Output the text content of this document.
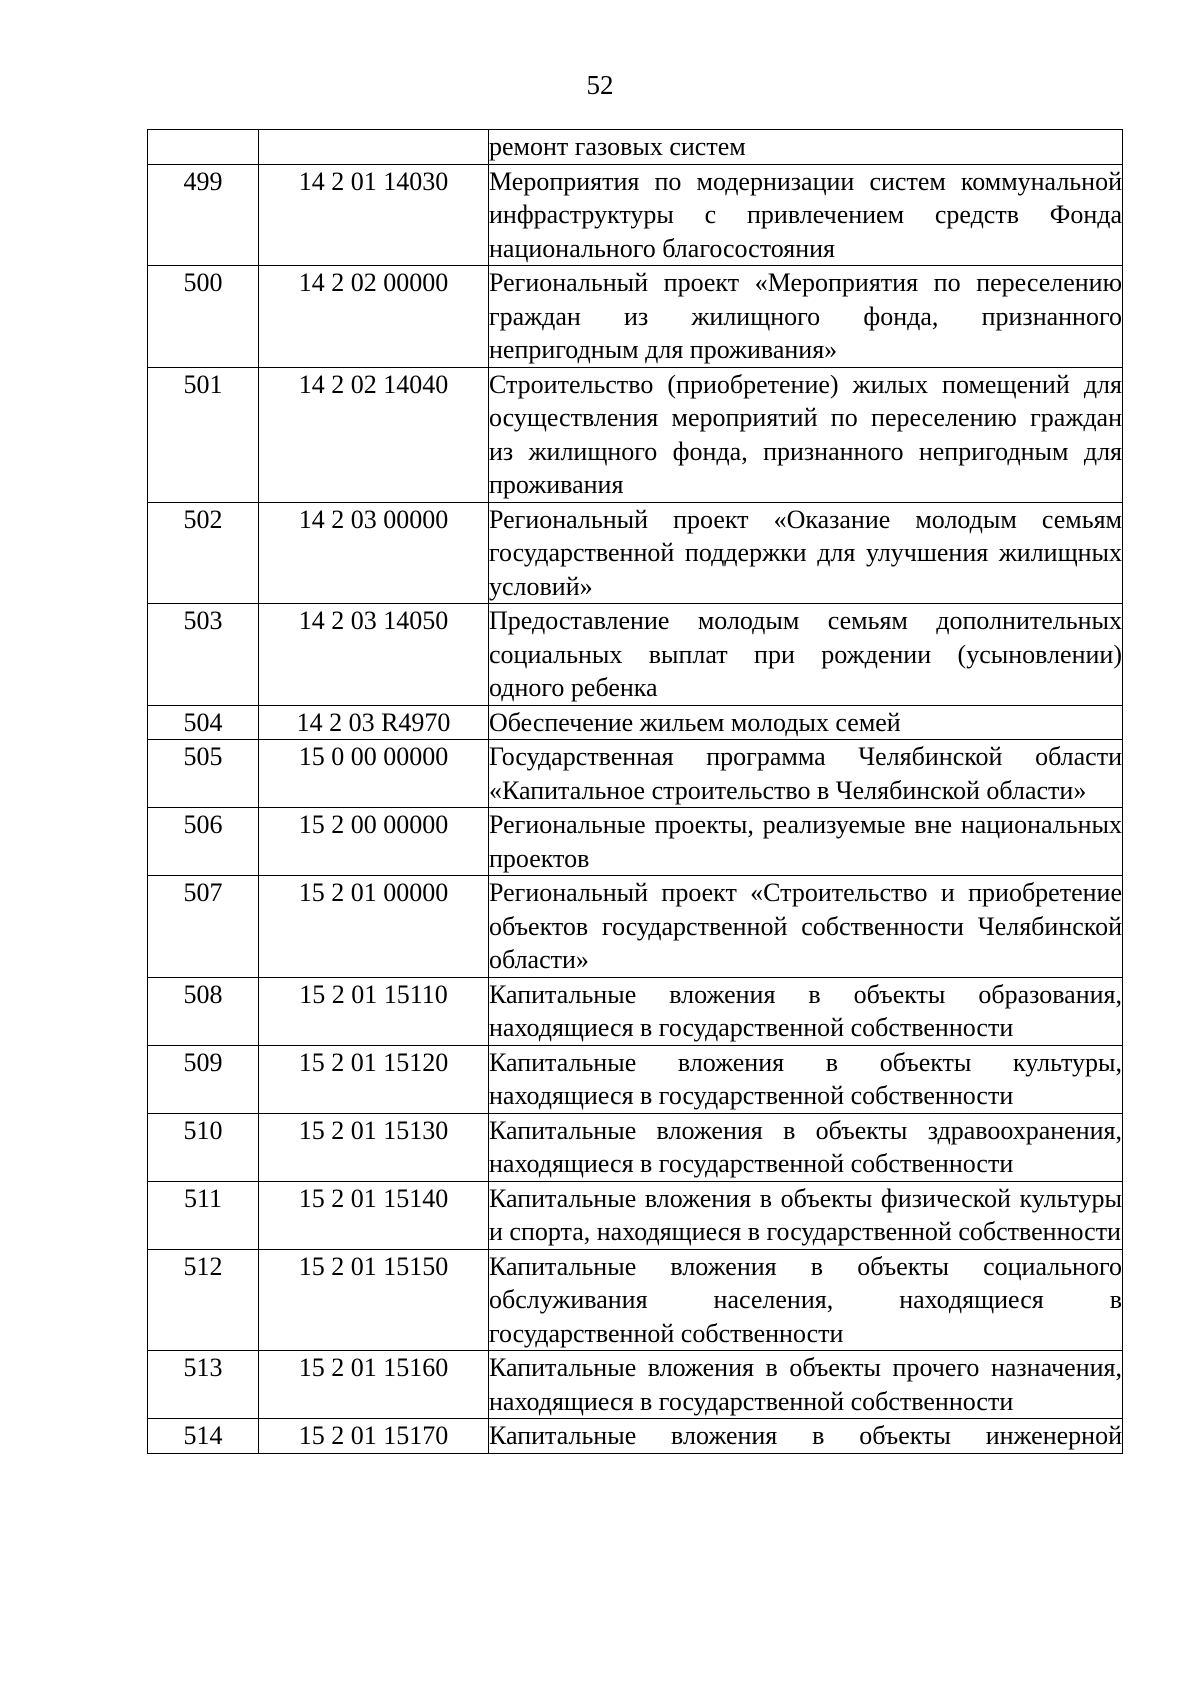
52
		ремонт газовых систем
499	14 2 01 14030	Мероприятия по модернизации систем коммунальной инфраструктуры с привлечением средств Фонда национального благосостояния
500	14 2 02 00000	Региональный проект «Мероприятия по переселению граждан из жилищного фонда, признанного непригодным для проживания»
501	14 2 02 14040	Строительство (приобретение) жилых помещений для осуществления мероприятий по переселению граждан из жилищного фонда, признанного непригодным для проживания
502	14 2 03 00000	Региональный проект «Оказание молодым семьям государственной поддержки для улучшения жилищных условий»
503	14 2 03 14050	Предоставление молодым семьям дополнительных социальных выплат при рождении (усыновлении) одного ребенка
504	14 2 03 R4970	Обеспечение жильем молодых семей
505	15 0 00 00000	Государственная программа Челябинской области «Капитальное строительство в Челябинской области»
506	15 2 00 00000	Региональные проекты, реализуемые вне национальных проектов
507	15 2 01 00000	Региональный проект «Строительство и приобретение объектов государственной собственности Челябинской области»
508	15 2 01 15110	Капитальные вложения в объекты образования, находящиеся в государственной собственности
509	15 2 01 15120	Капитальные вложения в объекты культуры, находящиеся в государственной собственности
510	15 2 01 15130	Капитальные вложения в объекты здравоохранения, находящиеся в государственной собственности
511	15 2 01 15140	Капитальные вложения в объекты физической культуры и спорта, находящиеся в государственной собственности
512	15 2 01 15150	Капитальные вложения в объекты социального обслуживания населения, находящиеся в государственной собственности
513	15 2 01 15160	Капитальные вложения в объекты прочего назначения, находящиеся в государственной собственности
514	15 2 01 15170	Капитальные вложения в объекты инженерной
